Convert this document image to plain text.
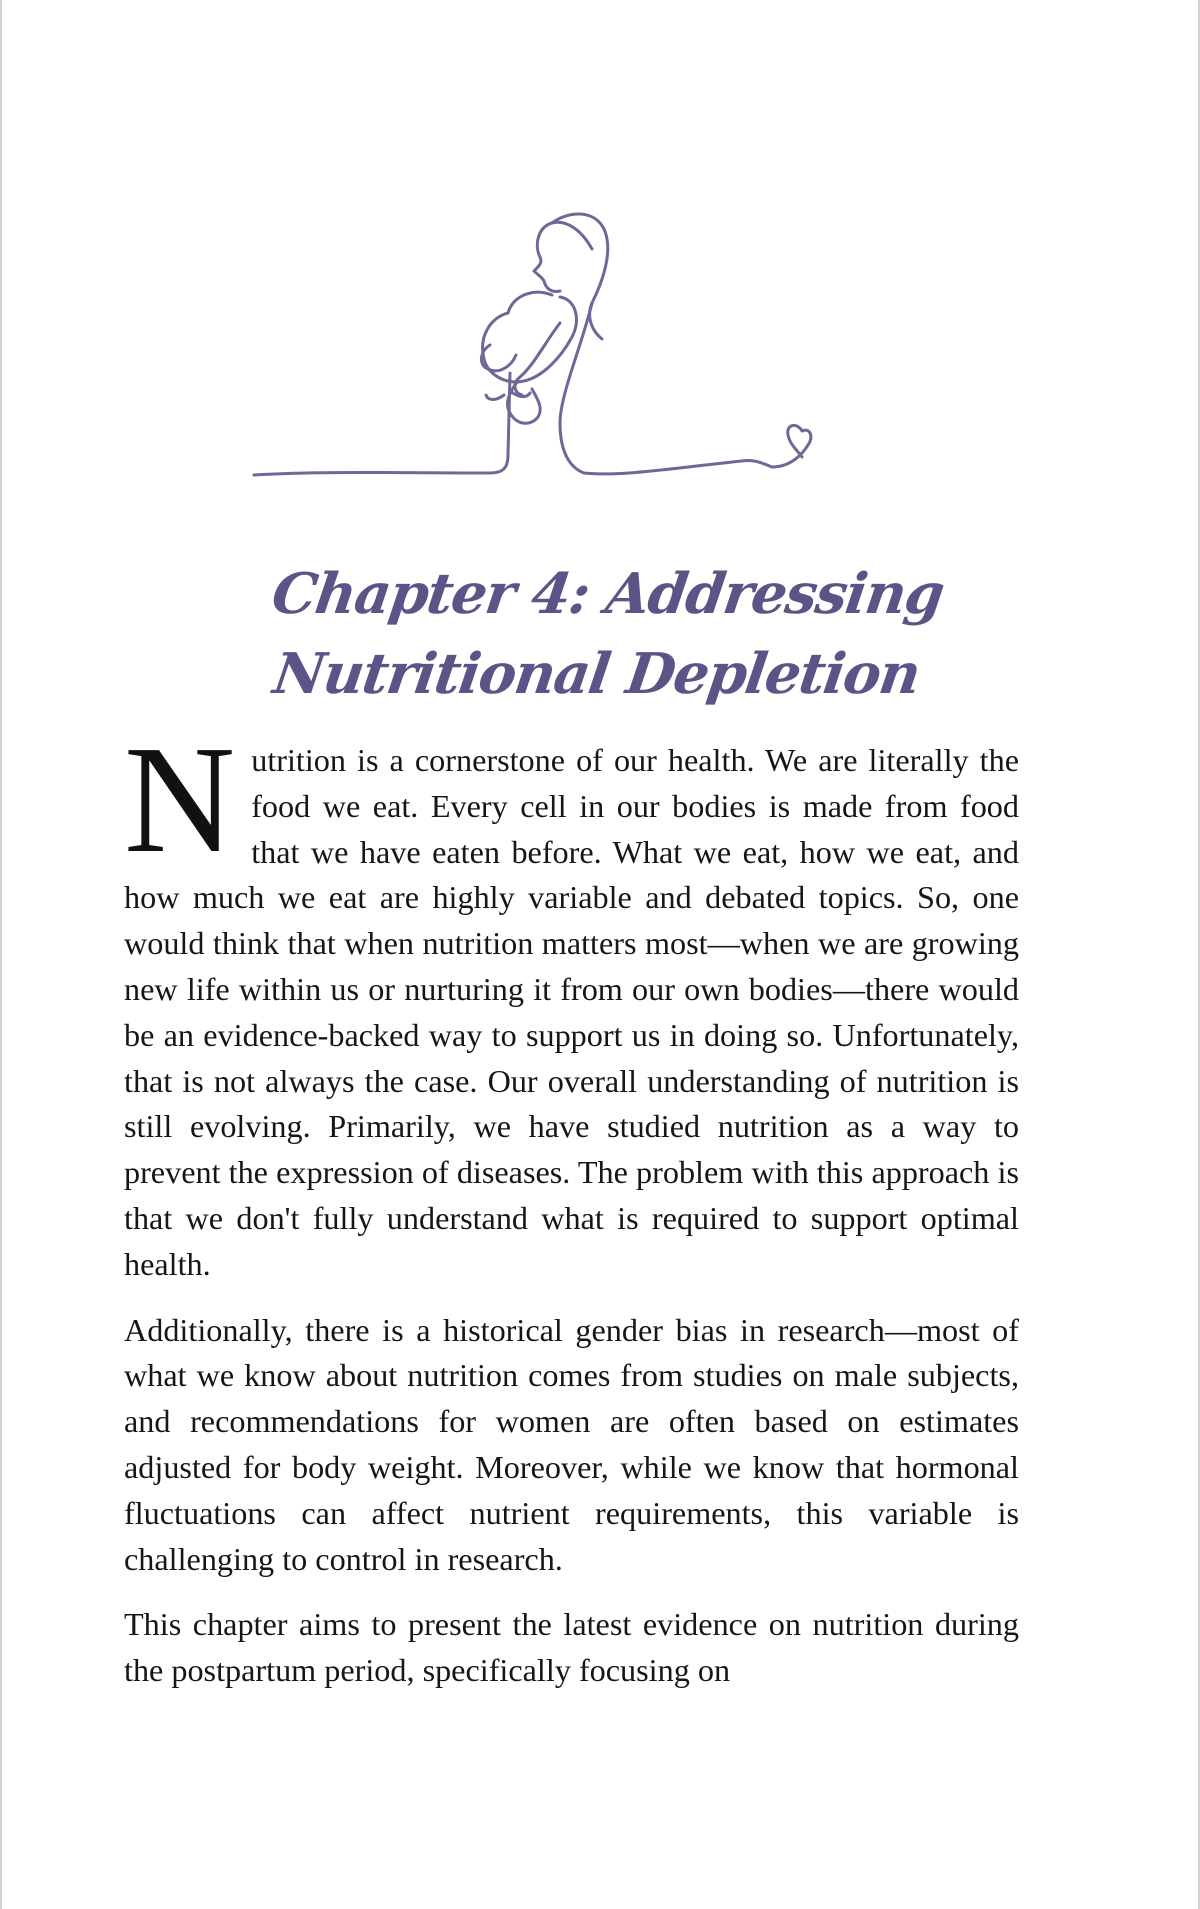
Chapter 4: Addressing Nutritional Depletion

Nutrition is a cornerstone of our health. We are literally the food we eat. Every cell in our bodies is made from food that we have eaten before. What we eat, how we eat, and how much we eat are highly variable and debated topics. So, one would think that when nutrition matters most—when we are growing new life within us or nurturing it from our own bodies—there would be an evidence-backed way to support us in doing so. Unfortunately, that is not always the case. Our overall understanding of nutrition is still evolving. Primarily, we have studied nutrition as a way to prevent the expression of diseases. The problem with this approach is that we don't fully understand what is required to support optimal health.

Additionally, there is a historical gender bias in research—most of what we know about nutrition comes from studies on male subjects, and recommendations for women are often based on estimates adjusted for body weight. Moreover, while we know that hormonal fluctuations can affect nutrient requirements, this variable is challenging to control in research.

This chapter aims to present the latest evidence on nutrition during the postpartum period, specifically focusing on
